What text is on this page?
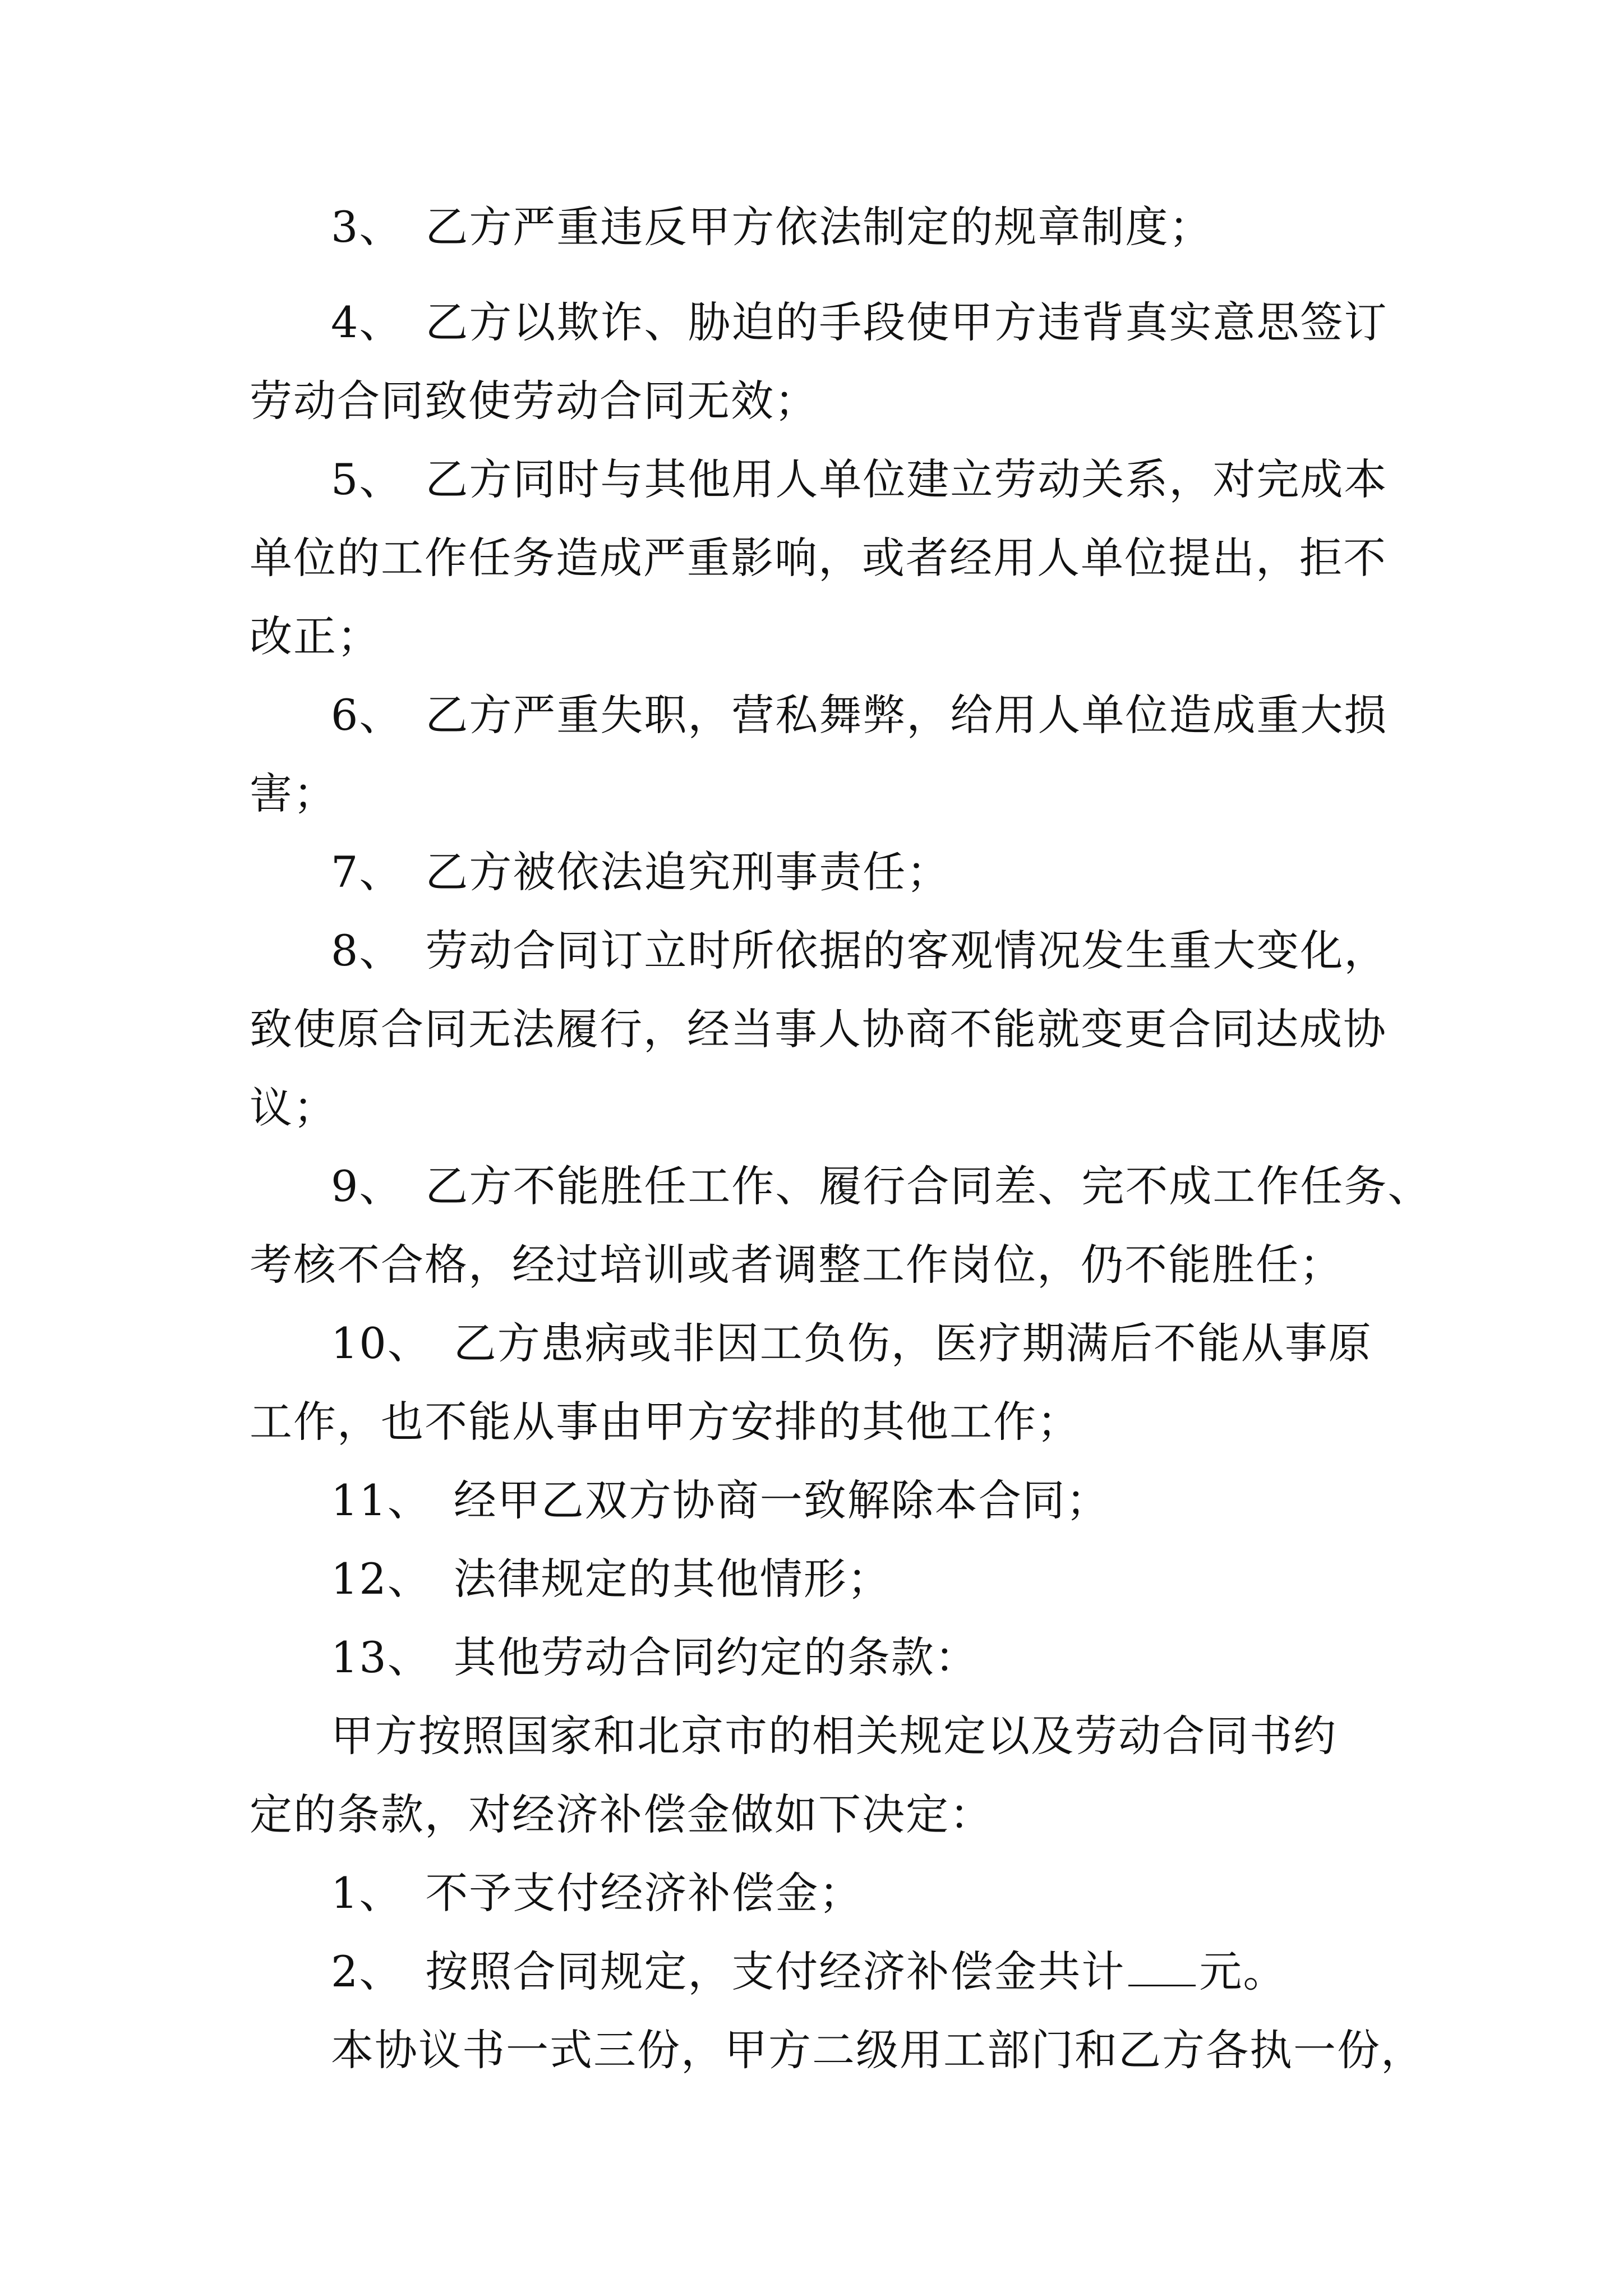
3、　乙方严重违反甲方依法制定的规章制度；
4、　乙方以欺诈、胁迫的手段使甲方违背真实意思签订
劳动合同致使劳动合同无效；
5、　乙方同时与其他用人单位建立劳动关系，对完成本
单位的工作任务造成严重影响，或者经用人单位提出，拒不
改正；
6、　乙方严重失职，营私舞弊，给用人单位造成重大损
害；
7、　乙方被依法追究刑事责任；
8、　劳动合同订立时所依据的客观情况发生重大变化，
致使原合同无法履行，经当事人协商不能就变更合同达成协
议；
9、　乙方不能胜任工作、履行合同差、完不成工作任务、
考核不合格，经过培训或者调整工作岗位，仍不能胜任；
10、　乙方患病或非因工负伤，医疗期满后不能从事原
工作，也不能从事由甲方安排的其他工作；
11、　经甲乙双方协商一致解除本合同；
12、　法律规定的其他情形；
13、　其他劳动合同约定的条款：
甲方按照国家和北京市的相关规定以及劳动合同书约
定的条款，对经济补偿金做如下决定：
1、　不予支付经济补偿金；
2、　按照合同规定，支付经济补偿金共计 元。
本协议书一式三份，甲方二级用工部门和乙方各执一份，
